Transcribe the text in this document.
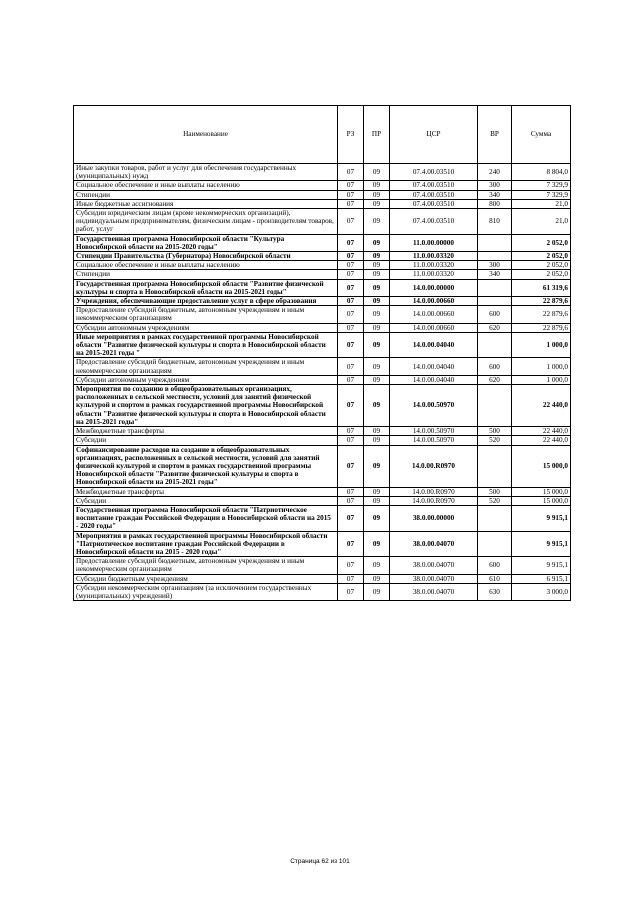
Наименование	РЗ	ПР	ЦСР	ВР	Сумма
Иные закупки товаров, работ и услуг для обеспечения государственных (муниципальных) нужд	07	09	07.4.00.03510	240	8 804,0
Социальное обеспечение и иные выплаты населению	07	09	07.4.00.03510	300	7 329,9
Стипендии	07	09	07.4.00.03510	340	7 329,9
Иные бюджетные ассигнования	07	09	07.4.00.03510	800	21,0
Субсидии юридическим лицам (кроме некоммерческих организаций), индивидуальным предпринимателям, физическим лицам - производителям товаров, работ, услуг	07	09	07.4.00.03510	810	21,0
Государственная программа Новосибирской области "Культура Новосибирской области на 2015-2020 годы"	07	09	11.0.00.00000		2 052,0
Стипендии Правительства (Губернатора) Новосибирской области	07	09	11.0.00.03320		2 052,0
Социальное обеспечение и иные выплаты населению	07	09	11.0.00.03320	300	2 052,0
Стипендии	07	09	11.0.00.03320	340	2 052,0
Государственная программа Новосибирской области "Развитие физической культуры и спорта в Новосибирской области на 2015-2021 годы"	07	09	14.0.00.00000		61 319,6
Учреждения, обеспечивающие предоставление услуг в сфере образования	07	09	14.0.00.00660		22 879,6
Предоставление субсидий бюджетным, автономным учреждениям и иным некоммерческим организациям	07	09	14.0.00.00660	600	22 879,6
Субсидии автономным учреждениям	07	09	14.0.00.00660	620	22 879,6
Иные мероприятия в рамках государственной программы Новосибирской области "Развитие физической культуры и спорта в Новосибирской области на 2015-2021 годы "	07	09	14.0.00.04040		1 000,0
Предоставление субсидий бюджетным, автономным учреждениям и иным некоммерческим организациям	07	09	14.0.00.04040	600	1 000,0
Субсидии автономным учреждениям	07	09	14.0.00.04040	620	1 000,0
Мероприятия по созданию в общеобразовательных организациях, расположенных в сельской местности, условий для занятий физической культурой и спортом в рамках государственной программы Новосибирской области "Развитие физической культуры и спорта в Новосибирской области на 2015-2021 годы"	07	09	14.0.00.50970		22 440,0
Межбюджетные трансферты	07	09	14.0.00.50970	500	22 440,0
Субсидии	07	09	14.0.00.50970	520	22 440,0
Софинансирование расходов на создание в общеобразовательных организациях, расположенных в сельской местности, условий для занятий физической культурой и спортом в рамках государственной программы Новосибирской области "Развитие физической культуры и спорта в Новосибирской области на 2015-2021 годы"	07	09	14.0.00.R0970		15 000,0
Межбюджетные трансферты	07	09	14.0.00.R0970	500	15 000,0
Субсидии	07	09	14.0.00.R0970	520	15 000,0
Государственная программа Новосибирской области "Патриотическое воспитание граждан Российской Федерации в Новосибирской области на 2015 - 2020 годы"	07	09	38.0.00.00000		9 915,1
Мероприятия в рамках государственной программы Новосибирской области "Патриотическое воспитание граждан Российской Федерации в Новосибирской области на 2015 - 2020 годы"	07	09	38.0.00.04070		9 915,1
Предоставление субсидий бюджетным, автономным учреждениям и иным некоммерческим организациям	07	09	38.0.00.04070	600	9 915,1
Субсидии бюджетным учреждениям	07	09	38.0.00.04070	610	6 915,1
Субсидии некоммерческим организациям (за исключением государственных (муниципальных) учреждений)	07	09	38.0.00.04070	630	3 000,0
Страница 62 из 101
